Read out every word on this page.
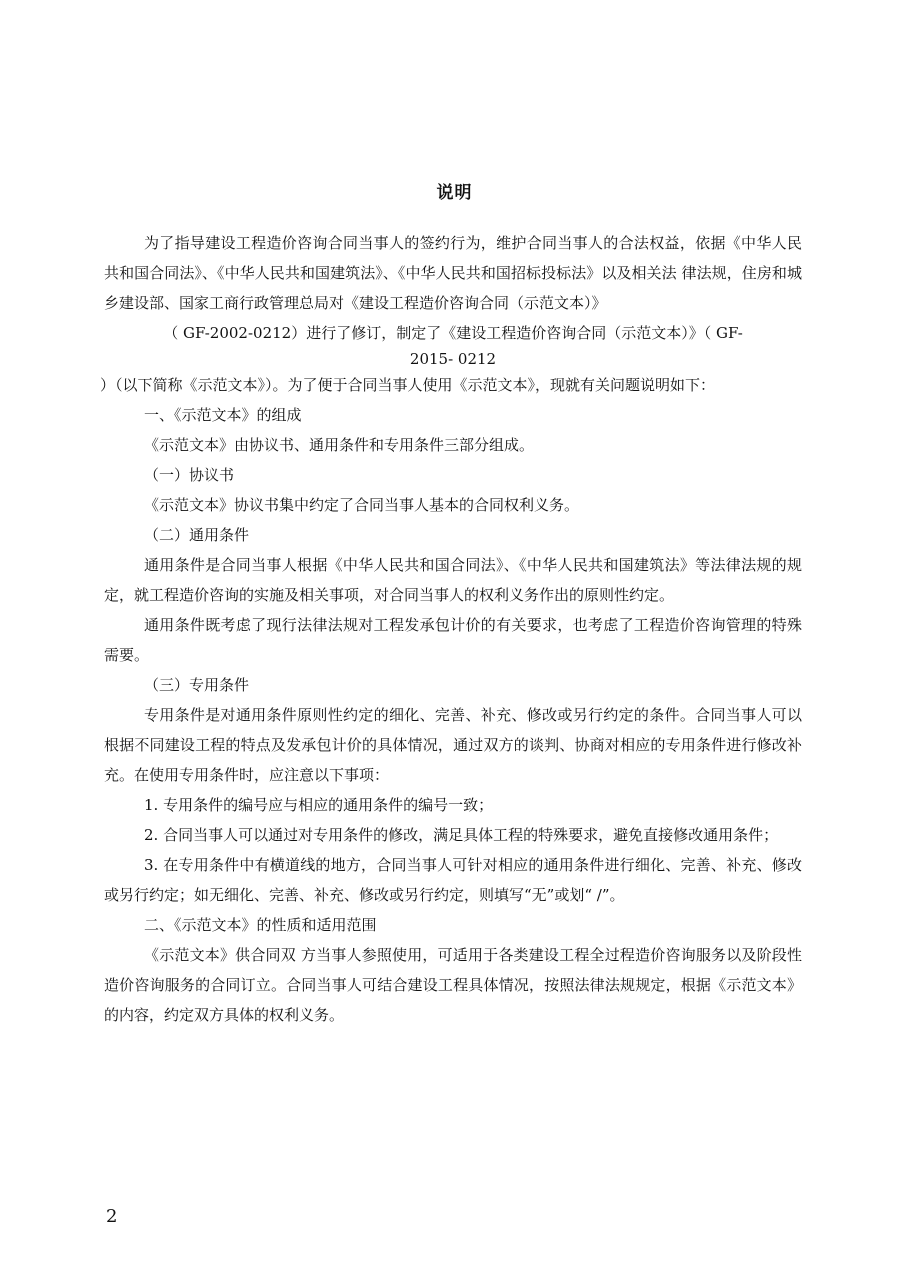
说明

为了指导建设工程造价咨询合同当事人的签约行为，维护合同当事人的合法权益，依据《中华人民共和国合同法》、《中华人民共和国建筑法》、《中华人民共和国招标投标法》以及相关法 律法规，住房和城乡建设部、国家工商行政管理总局对《建设工程造价咨询合同（示范文本）》

（ GF-2002-0212）进行了修订，制定了《建设工程造价咨询合同（示范文本）》（ GF-

2015- 0212

）（以下简称《示范文本》）。为了便于合同当事人使用《示范文本》，现就有关问题说明如下：

一、《示范文本》的组成

《示范文本》由协议书、通用条件和专用条件三部分组成。

（一）协议书

《示范文本》协议书集中约定了合同当事人基本的合同权利义务。

（二）通用条件

通用条件是合同当事人根据《中华人民共和国合同法》、《中华人民共和国建筑法》等法律法规的规定，就工程造价咨询的实施及相关事项，对合同当事人的权利义务作出的原则性约定。

通用条件既考虑了现行法律法规对工程发承包计价的有关要求，也考虑了工程造价咨询管理的特殊需要。

（三）专用条件

专用条件是对通用条件原则性约定的细化、完善、补充、修改或另行约定的条件。合同当事人可以根据不同建设工程的特点及发承包计价的具体情况，通过双方的谈判、协商对相应的专用条件进行修改补充。在使用专用条件时，应注意以下事项：

1. 专用条件的编号应与相应的通用条件的编号一致；

2. 合同当事人可以通过对专用条件的修改，满足具体工程的特殊要求，避免直接修改通用条件；

3. 在专用条件中有横道线的地方，合同当事人可针对相应的通用条件进行细化、完善、补充、修改或另行约定；如无细化、完善、补充、修改或另行约定，则填写“无”或划“ /”。

二、《示范文本》的性质和适用范围

《示范文本》供合同双 方当事人参照使用，可适用于各类建设工程全过程造价咨询服务以及阶段性造价咨询服务的合同订立。合同当事人可结合建设工程具体情况，按照法律法规规定，根据《示范文本》的内容，约定双方具体的权利义务。

2
